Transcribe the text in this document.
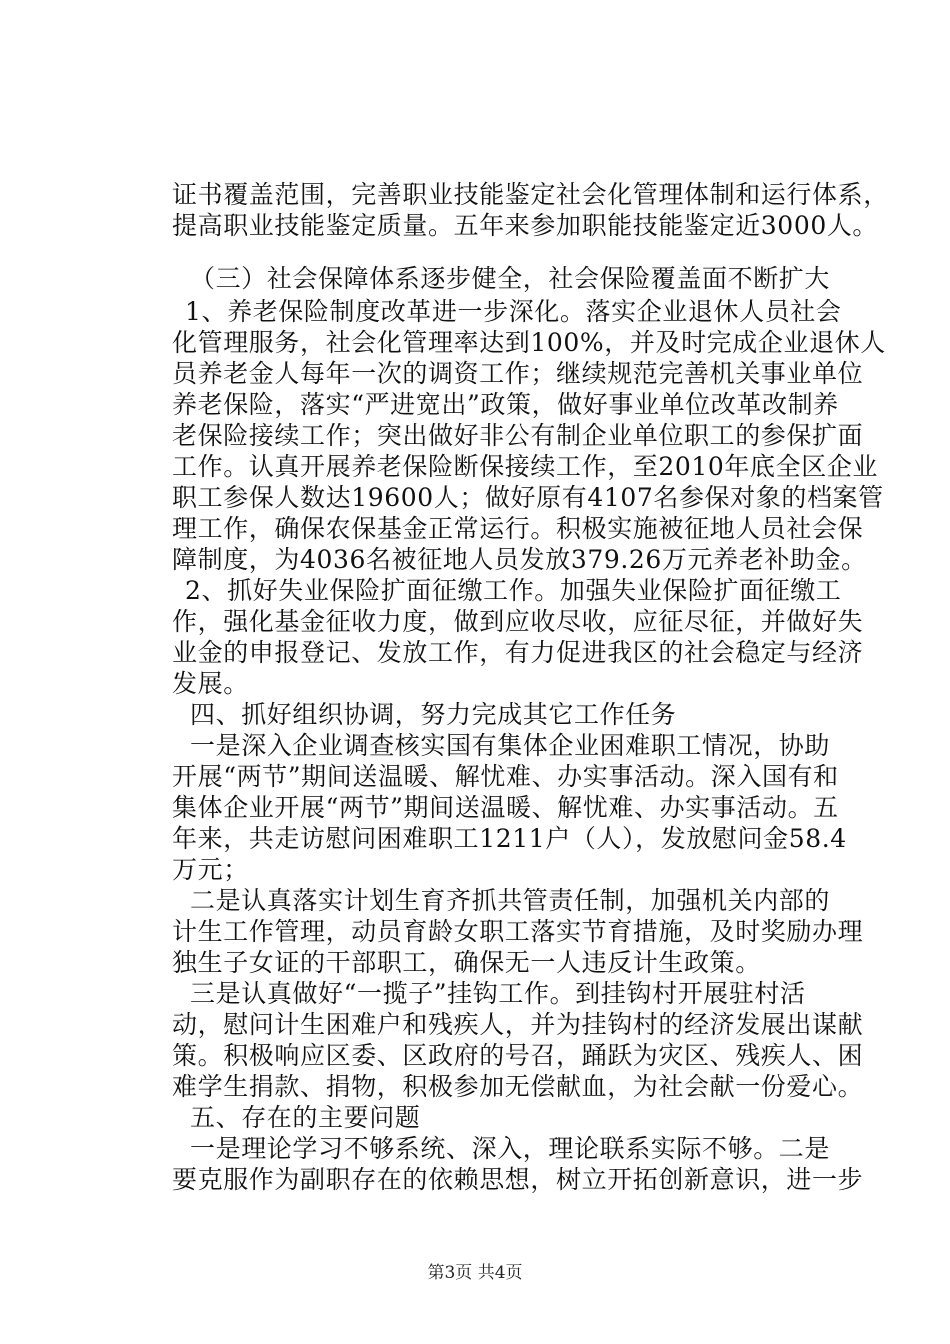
证书覆盖范围，完善职业技能鉴定社会化管理体制和运行体系，
提高职业技能鉴定质量。五年来参加职能技能鉴定近3000人。
（三）社会保障体系逐步健全，社会保险覆盖面不断扩大
1、养老保险制度改革进一步深化。落实企业退休人员社会
化管理服务，社会化管理率达到100%，并及时完成企业退休人
员养老金人每年一次的调资工作；继续规范完善机关事业单位
养老保险，落实“严进宽出”政策，做好事业单位改革改制养
老保险接续工作；突出做好非公有制企业单位职工的参保扩面
工作。认真开展养老保险断保接续工作，至2010年底全区企业
职工参保人数达19600人；做好原有4107名参保对象的档案管
理工作，确保农保基金正常运行。积极实施被征地人员社会保
障制度，为4036名被征地人员发放379.26万元养老补助金。
2、抓好失业保险扩面征缴工作。加强失业保险扩面征缴工
作，强化基金征收力度，做到应收尽收，应征尽征，并做好失
业金的申报登记、发放工作，有力促进我区的社会稳定与经济
发展。
四、抓好组织协调，努力完成其它工作任务
一是深入企业调查核实国有集体企业困难职工情况，协助
开展“两节”期间送温暖、解忧难、办实事活动。深入国有和
集体企业开展“两节”期间送温暖、解忧难、办实事活动。五
年来，共走访慰问困难职工1211户（人），发放慰问金58.4
万元；
二是认真落实计划生育齐抓共管责任制，加强机关内部的
计生工作管理，动员育龄女职工落实节育措施，及时奖励办理
独生子女证的干部职工，确保无一人违反计生政策。
三是认真做好“一揽子”挂钩工作。到挂钩村开展驻村活
动，慰问计生困难户和残疾人，并为挂钩村的经济发展出谋献
策。积极响应区委、区政府的号召，踊跃为灾区、残疾人、困
难学生捐款、捐物，积极参加无偿献血，为社会献一份爱心。
五、存在的主要问题
一是理论学习不够系统、深入，理论联系实际不够。二是
要克服作为副职存在的依赖思想，树立开拓创新意识，进一步
第3页 共4页
